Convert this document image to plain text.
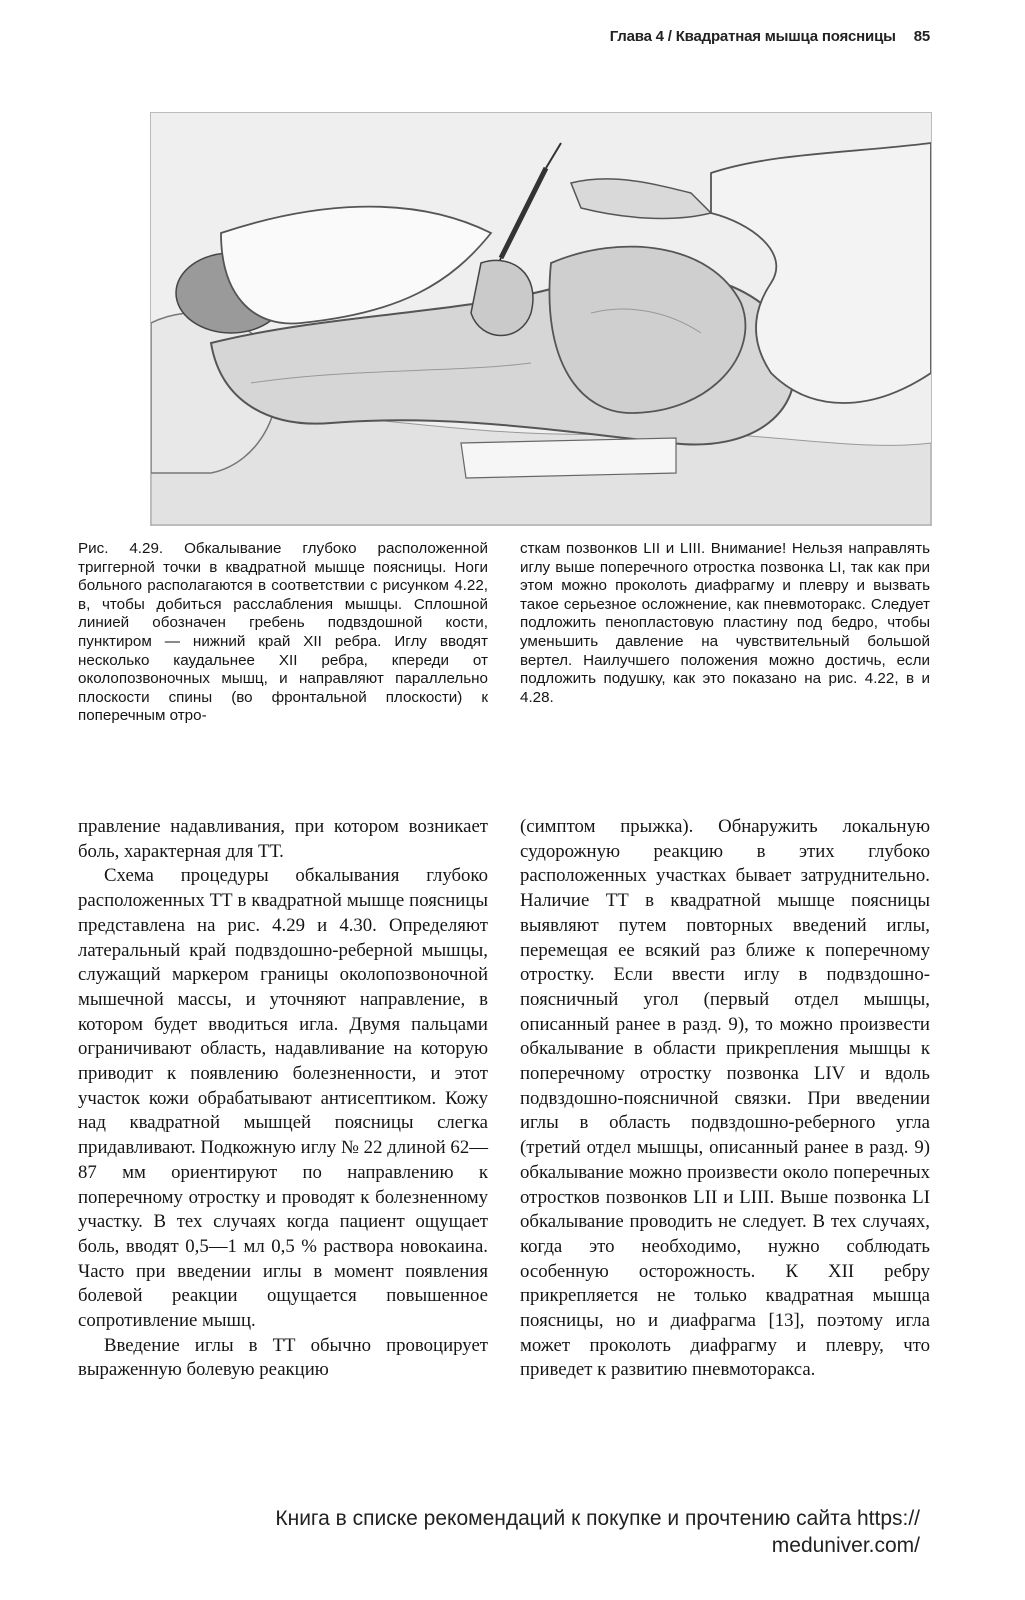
Глава 4 / Квадратная мышца поясницы 85
Рис. 4.29. Обкалывание глубоко расположенной триггерной точки в квадратной мышце поясницы. Ноги больного располагаются в соответствии с рисунком 4.22, в, чтобы добиться расслабления мышцы. Сплошной линией обозначен гребень подвздошной кости, пунктиром — нижний край XII ребра. Иглу вводят несколько каудальнее XII ребра, кпереди от околопозвоночных мышц, и направляют параллельно плоскости спины (во фронтальной плоскости) к поперечным отро-
сткам позвонков LII и LIII. Внимание! Нельзя направлять иглу выше поперечного отростка позвонка LI, так как при этом можно проколоть диафрагму и плевру и вызвать такое серьезное осложнение, как пневмоторакс. Следует подложить пенопластовую пластину под бедро, чтобы уменьшить давление на чувствительный большой вертел. Наилучшего положения можно достичь, если подложить подушку, как это показано на рис. 4.22, в и 4.28.

правление надавливания, при котором возникает боль, характерная для ТТ.

Схема процедуры обкалывания глубоко расположенных ТТ в квадратной мышце поясницы представлена на рис. 4.29 и 4.30. Определяют латеральный край подвздошно-реберной мышцы, служащий маркером границы околопозвоночной мышечной массы, и уточняют направление, в котором будет вводиться игла. Двумя пальцами ограничивают область, надавливание на которую приводит к появлению болезненности, и этот участок кожи обрабатывают антисептиком. Кожу над квадратной мышцей поясницы слегка придавливают. Подкожную иглу № 22 длиной 62—87 мм ориентируют по направлению к поперечному отростку и проводят к болезненному участку. В тех случаях когда пациент ощущает боль, вводят 0,5—1 мл 0,5 % раствора новокаина. Часто при введении иглы в момент появления болевой реакции ощущается повышенное сопротивление мышц.

Введение иглы в ТТ обычно провоцирует выраженную болевую реакцию

(симптом прыжка). Обнаружить локальную судорожную реакцию в этих глубоко расположенных участках бывает затруднительно. Наличие ТТ в квадратной мышце поясницы выявляют путем повторных введений иглы, перемещая ее всякий раз ближе к поперечному отростку. Если ввести иглу в подвздошно-поясничный угол (первый отдел мышцы, описанный ранее в разд. 9), то можно произвести обкалывание в области прикрепления мышцы к поперечному отростку позвонка LIV и вдоль подвздошно-поясничной связки. При введении иглы в область подвздошно-реберного угла (третий отдел мышцы, описанный ранее в разд. 9) обкалывание можно произвести около поперечных отростков позвонков LII и LIII. Выше позвонка LI обкалывание проводить не следует. В тех случаях, когда это необходимо, нужно соблюдать особенную осторожность. К XII ребру прикрепляется не только квадратная мышца поясницы, но и диафрагма [13], поэтому игла может проколоть диафрагму и плевру, что приведет к развитию пневмоторакса.

Книга в списке рекомендаций к покупке и прочтению сайта https://
meduniver.com/
